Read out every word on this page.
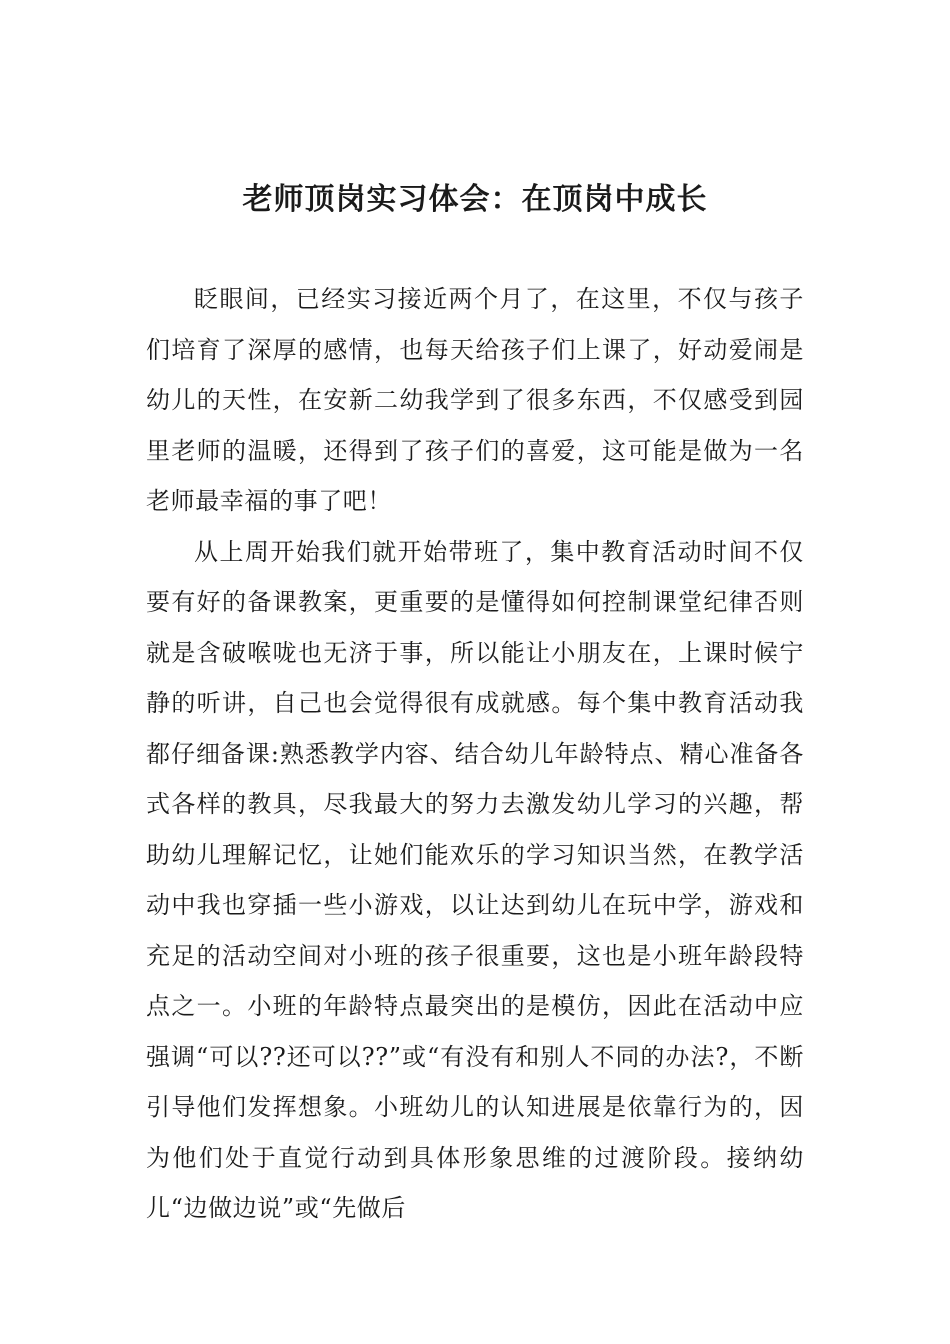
老师顶岗实习体会：在顶岗中成长

眨眼间，已经实习接近两个月了，在这里，不仅与孩子们培育了深厚的感情，也每天给孩子们上课了，好动爱闹是幼儿的天性，在安新二幼我学到了很多东西，不仅感受到园里老师的温暖，还得到了孩子们的喜爱，这可能是做为一名老师最幸福的事了吧！

从上周开始我们就开始带班了，集中教育活动时间不仅要有好的备课教案，更重要的是懂得如何控制课堂纪律否则就是含破喉咙也无济于事，所以能让小朋友在，上课时候宁静的听讲，自己也会觉得很有成就感。每个集中教育活动我都仔细备课:熟悉教学内容、结合幼儿年龄特点、精心准备各式各样的教具，尽我最大的努力去激发幼儿学习的兴趣，帮助幼儿理解记忆，让她们能欢乐的学习知识当然，在教学活动中我也穿插一些小游戏，以让达到幼儿在玩中学，游戏和充足的活动空间对小班的孩子很重要，这也是小班年龄段特点之一。小班的年龄特点最突出的是模仿，因此在活动中应强调“可以??还可以??”或“有没有和别人不同的办法?，不断引导他们发挥想象。小班幼儿的认知进展是依靠行为的，因为他们处于直觉行动到具体形象思维的过渡阶段。接纳幼儿“边做边说”或“先做后
